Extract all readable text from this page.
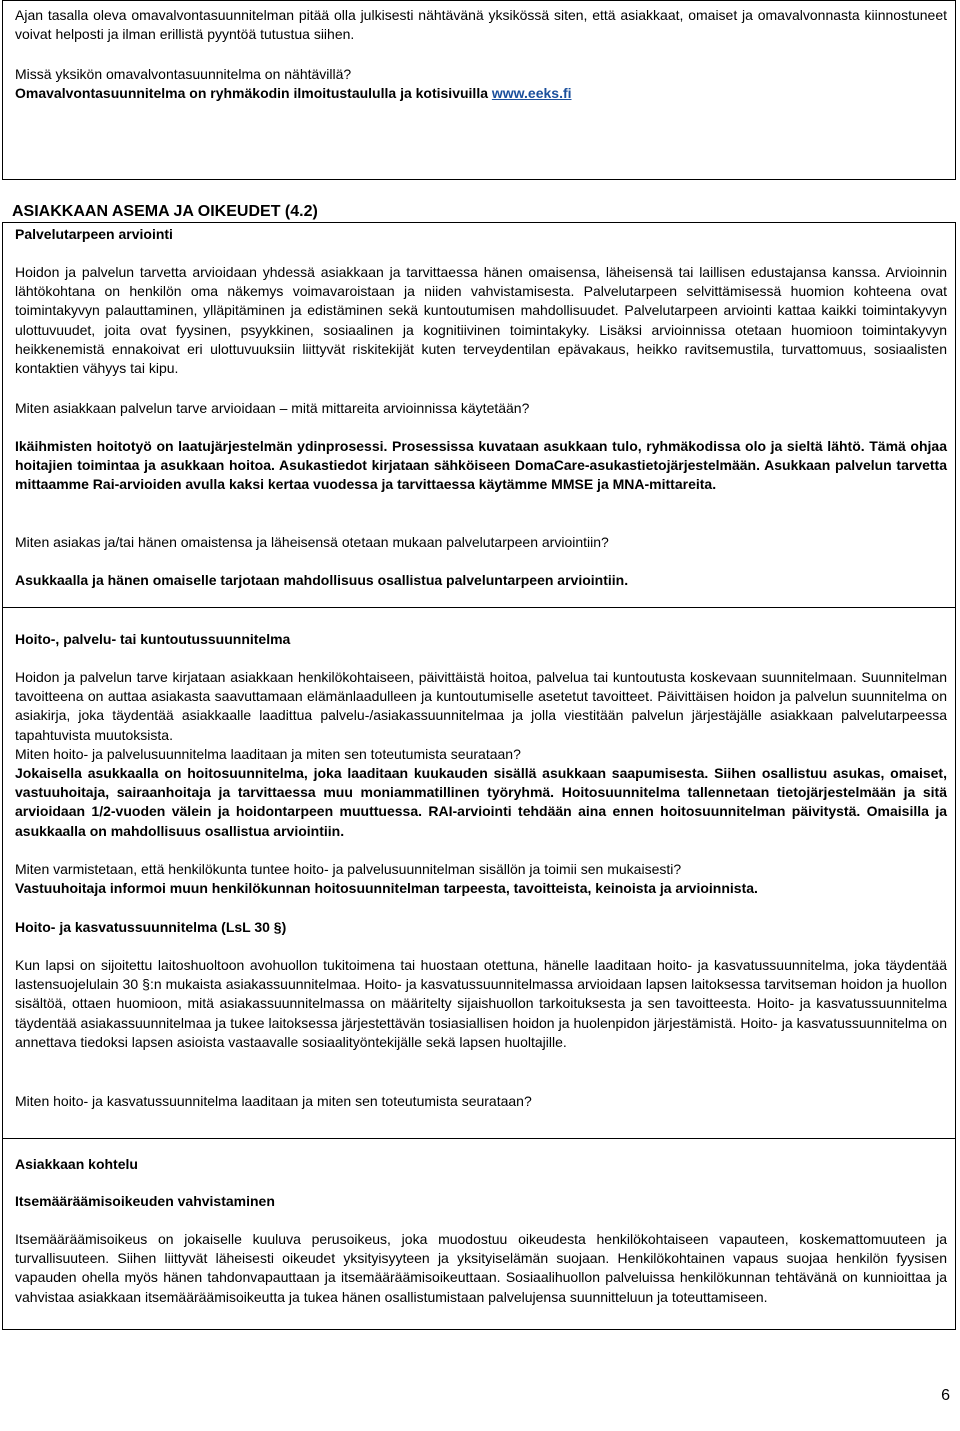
Ajan tasalla oleva omavalvontasuunnitelman pitää olla julkisesti nähtävänä yksikössä siten, että asiakkaat, omaiset ja omavalvonnasta kiinnostuneet voivat helposti ja ilman erillistä pyyntöä tutustua siihen.

Missä yksikön omavalvontasuunnitelma on nähtävillä?

Omavalvontasuunnitelma on ryhmäkodin ilmoitustaululla ja kotisivuilla www.eeks.fi

ASIAKKAAN ASEMA JA OIKEUDET (4.2)

Palvelutarpeen arviointi

Hoidon ja palvelun tarvetta arvioidaan yhdessä asiakkaan ja tarvittaessa hänen omaisensa, läheisensä tai laillisen edustajansa kanssa. Arvioinnin lähtökohtana on henkilön oma näkemys voimavaroistaan ja niiden vahvistamisesta. Palvelutarpeen selvittämisessä huomion kohteena ovat toimintakyvyn palauttaminen, ylläpitäminen ja edistäminen sekä kuntoutumisen mahdollisuudet. Palvelutarpeen arviointi kattaa kaikki toimintakyvyn ulottuvuudet, joita ovat fyysinen, psyykkinen, sosiaalinen ja kognitiivinen toimintakyky. Lisäksi arvioinnissa otetaan huomioon toimintakyvyn heikkenemistä ennakoivat eri ulottuvuuksiin liittyvät riskitekijät kuten terveydentilan epävakaus, heikko ravitsemustila, turvattomuus, sosiaalisten kontaktien vähyys tai kipu.

Miten asiakkaan palvelun tarve arvioidaan – mitä mittareita arvioinnissa käytetään?

Ikäihmisten hoitotyö on laatujärjestelmän ydinprosessi. Prosessissa kuvataan asukkaan tulo, ryhmäkodissa olo ja sieltä lähtö. Tämä ohjaa hoitajien toimintaa ja asukkaan hoitoa. Asukastiedot kirjataan sähköiseen DomaCare-asukastietojärjestelmään. Asukkaan palvelun tarvetta mittaamme Rai-arvioiden avulla kaksi kertaa vuodessa ja tarvittaessa käytämme MMSE ja MNA-mittareita.

Miten asiakas ja/tai hänen omaistensa ja läheisensä otetaan mukaan palvelutarpeen arviointiin?

Asukkaalla ja hänen omaiselle tarjotaan mahdollisuus osallistua palveluntarpeen arviointiin.

Hoito-, palvelu- tai kuntoutussuunnitelma

Hoidon ja palvelun tarve kirjataan asiakkaan henkilökohtaiseen, päivittäistä hoitoa, palvelua tai kuntoutusta koskevaan suunnitelmaan. Suunnitelman tavoitteena on auttaa asiakasta saavuttamaan elämänlaadulleen ja kuntoutumiselle asetetut tavoitteet. Päivittäisen hoidon ja palvelun suunnitelma on asiakirja, joka täydentää asiakkaalle laadittua palvelu-/asiakassuunnitelmaa ja jolla viestitään palvelun järjestäjälle asiakkaan palvelutarpeessa tapahtuvista muutoksista.

Miten hoito- ja palvelusuunnitelma laaditaan ja miten sen toteutumista seurataan?

Jokaisella asukkaalla on hoitosuunnitelma, joka laaditaan kuukauden sisällä asukkaan saapumisesta. Siihen osallistuu asukas, omaiset, vastuuhoitaja, sairaanhoitaja ja tarvittaessa muu moniammatillinen työryhmä. Hoitosuunnitelma tallennetaan tietojärjestelmään ja sitä arvioidaan 1/2-vuoden välein ja hoidontarpeen muuttuessa. RAI-arviointi tehdään aina ennen hoitosuunnitelman päivitystä. Omaisilla ja asukkaalla on mahdollisuus osallistua arviointiin.

Miten varmistetaan, että henkilökunta tuntee hoito- ja palvelusuunnitelman sisällön ja toimii sen mukaisesti?

Vastuuhoitaja informoi muun henkilökunnan hoitosuunnitelman tarpeesta, tavoitteista, keinoista ja arvioinnista.

Hoito- ja kasvatussuunnitelma (LsL 30 §)

Kun lapsi on sijoitettu laitoshuoltoon avohuollon tukitoimena tai huostaan otettuna, hänelle laaditaan hoito- ja kasvatussuunnitelma, joka täydentää lastensuojelulain 30 §:n mukaista asiakassuunnitelmaa. Hoito- ja kasvatussuunnitelmassa arvioidaan lapsen laitoksessa tarvitseman hoidon ja huollon sisältöä, ottaen huomioon, mitä asiakassuunnitelmassa on määritelty sijaishuollon tarkoituksesta ja sen tavoitteesta. Hoito- ja kasvatussuunnitelma täydentää asiakassuunnitelmaa ja tukee laitoksessa järjestettävän tosiasiallisen hoidon ja huolenpidon järjestämistä. Hoito- ja kasvatussuunnitelma on annettava tiedoksi lapsen asioista vastaavalle sosiaalityöntekijälle sekä lapsen huoltajille.

Miten hoito- ja kasvatussuunnitelma laaditaan ja miten sen toteutumista seurataan?

Asiakkaan kohtelu

Itsemääräämisoikeuden vahvistaminen

Itsemääräämisoikeus on jokaiselle kuuluva perusoikeus, joka muodostuu oikeudesta henkilökohtaiseen vapauteen, koskemattomuuteen ja turvallisuuteen. Siihen liittyvät läheisesti oikeudet yksityisyyteen ja yksityiselämän suojaan. Henkilökohtainen vapaus suojaa henkilön fyysisen vapauden ohella myös hänen tahdonvapauttaan ja itsemääräämisoikeuttaan. Sosiaalihuollon palveluissa henkilökunnan tehtävänä on kunnioittaa ja vahvistaa asiakkaan itsemääräämisoikeutta ja tukea hänen osallistumistaan palvelujensa suunnitteluun ja toteuttamiseen.

6
